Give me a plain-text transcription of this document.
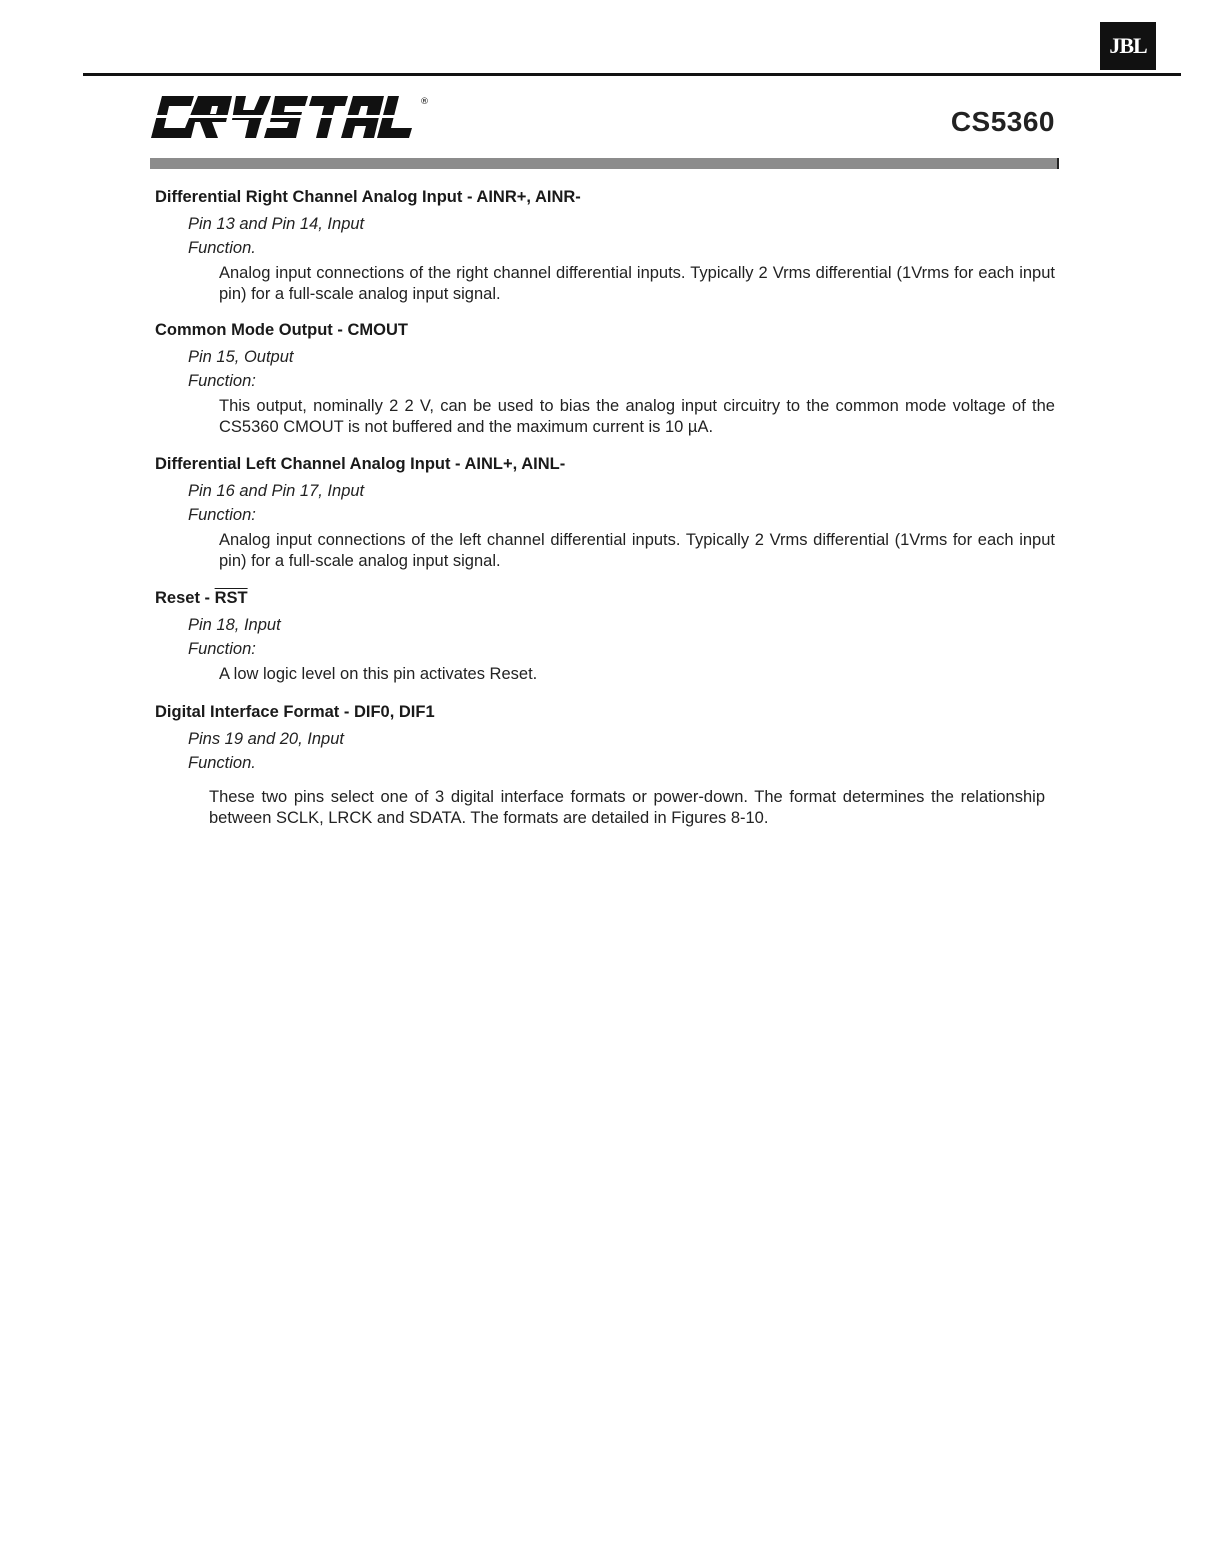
JBL
®
CS5360
Differential Right Channel Analog Input - AINR+, AINR-
Pin 13 and Pin 14, Input
Function.
Analog input connections of the right channel differential inputs. Typically 2 Vrms differential (1Vrms for each input pin) for a full-scale analog input signal.
Common Mode Output - CMOUT
Pin 15, Output
Function:
This output, nominally 2 2 V, can be used to bias the analog input circuitry to the common mode voltage of the CS5360 CMOUT is not buffered and the maximum current is 10 µA.
Differential Left Channel Analog Input - AINL+, AINL-
Pin 16 and Pin 17, Input
Function:
Analog input connections of the left channel differential inputs. Typically 2 Vrms differential (1Vrms for each input pin) for a full-scale analog input signal.
Reset - $\overline{RST}$
Pin 18, Input
Function:
A low logic level on this pin activates Reset.
Digital Interface Format - DIF0, DIF1
Pins 19 and 20, Input
Function.
These two pins select one of 3 digital interface formats or power-down. The format determines the relationship between SCLK, LRCK and SDATA. The formats are detailed in Figures 8-10.
